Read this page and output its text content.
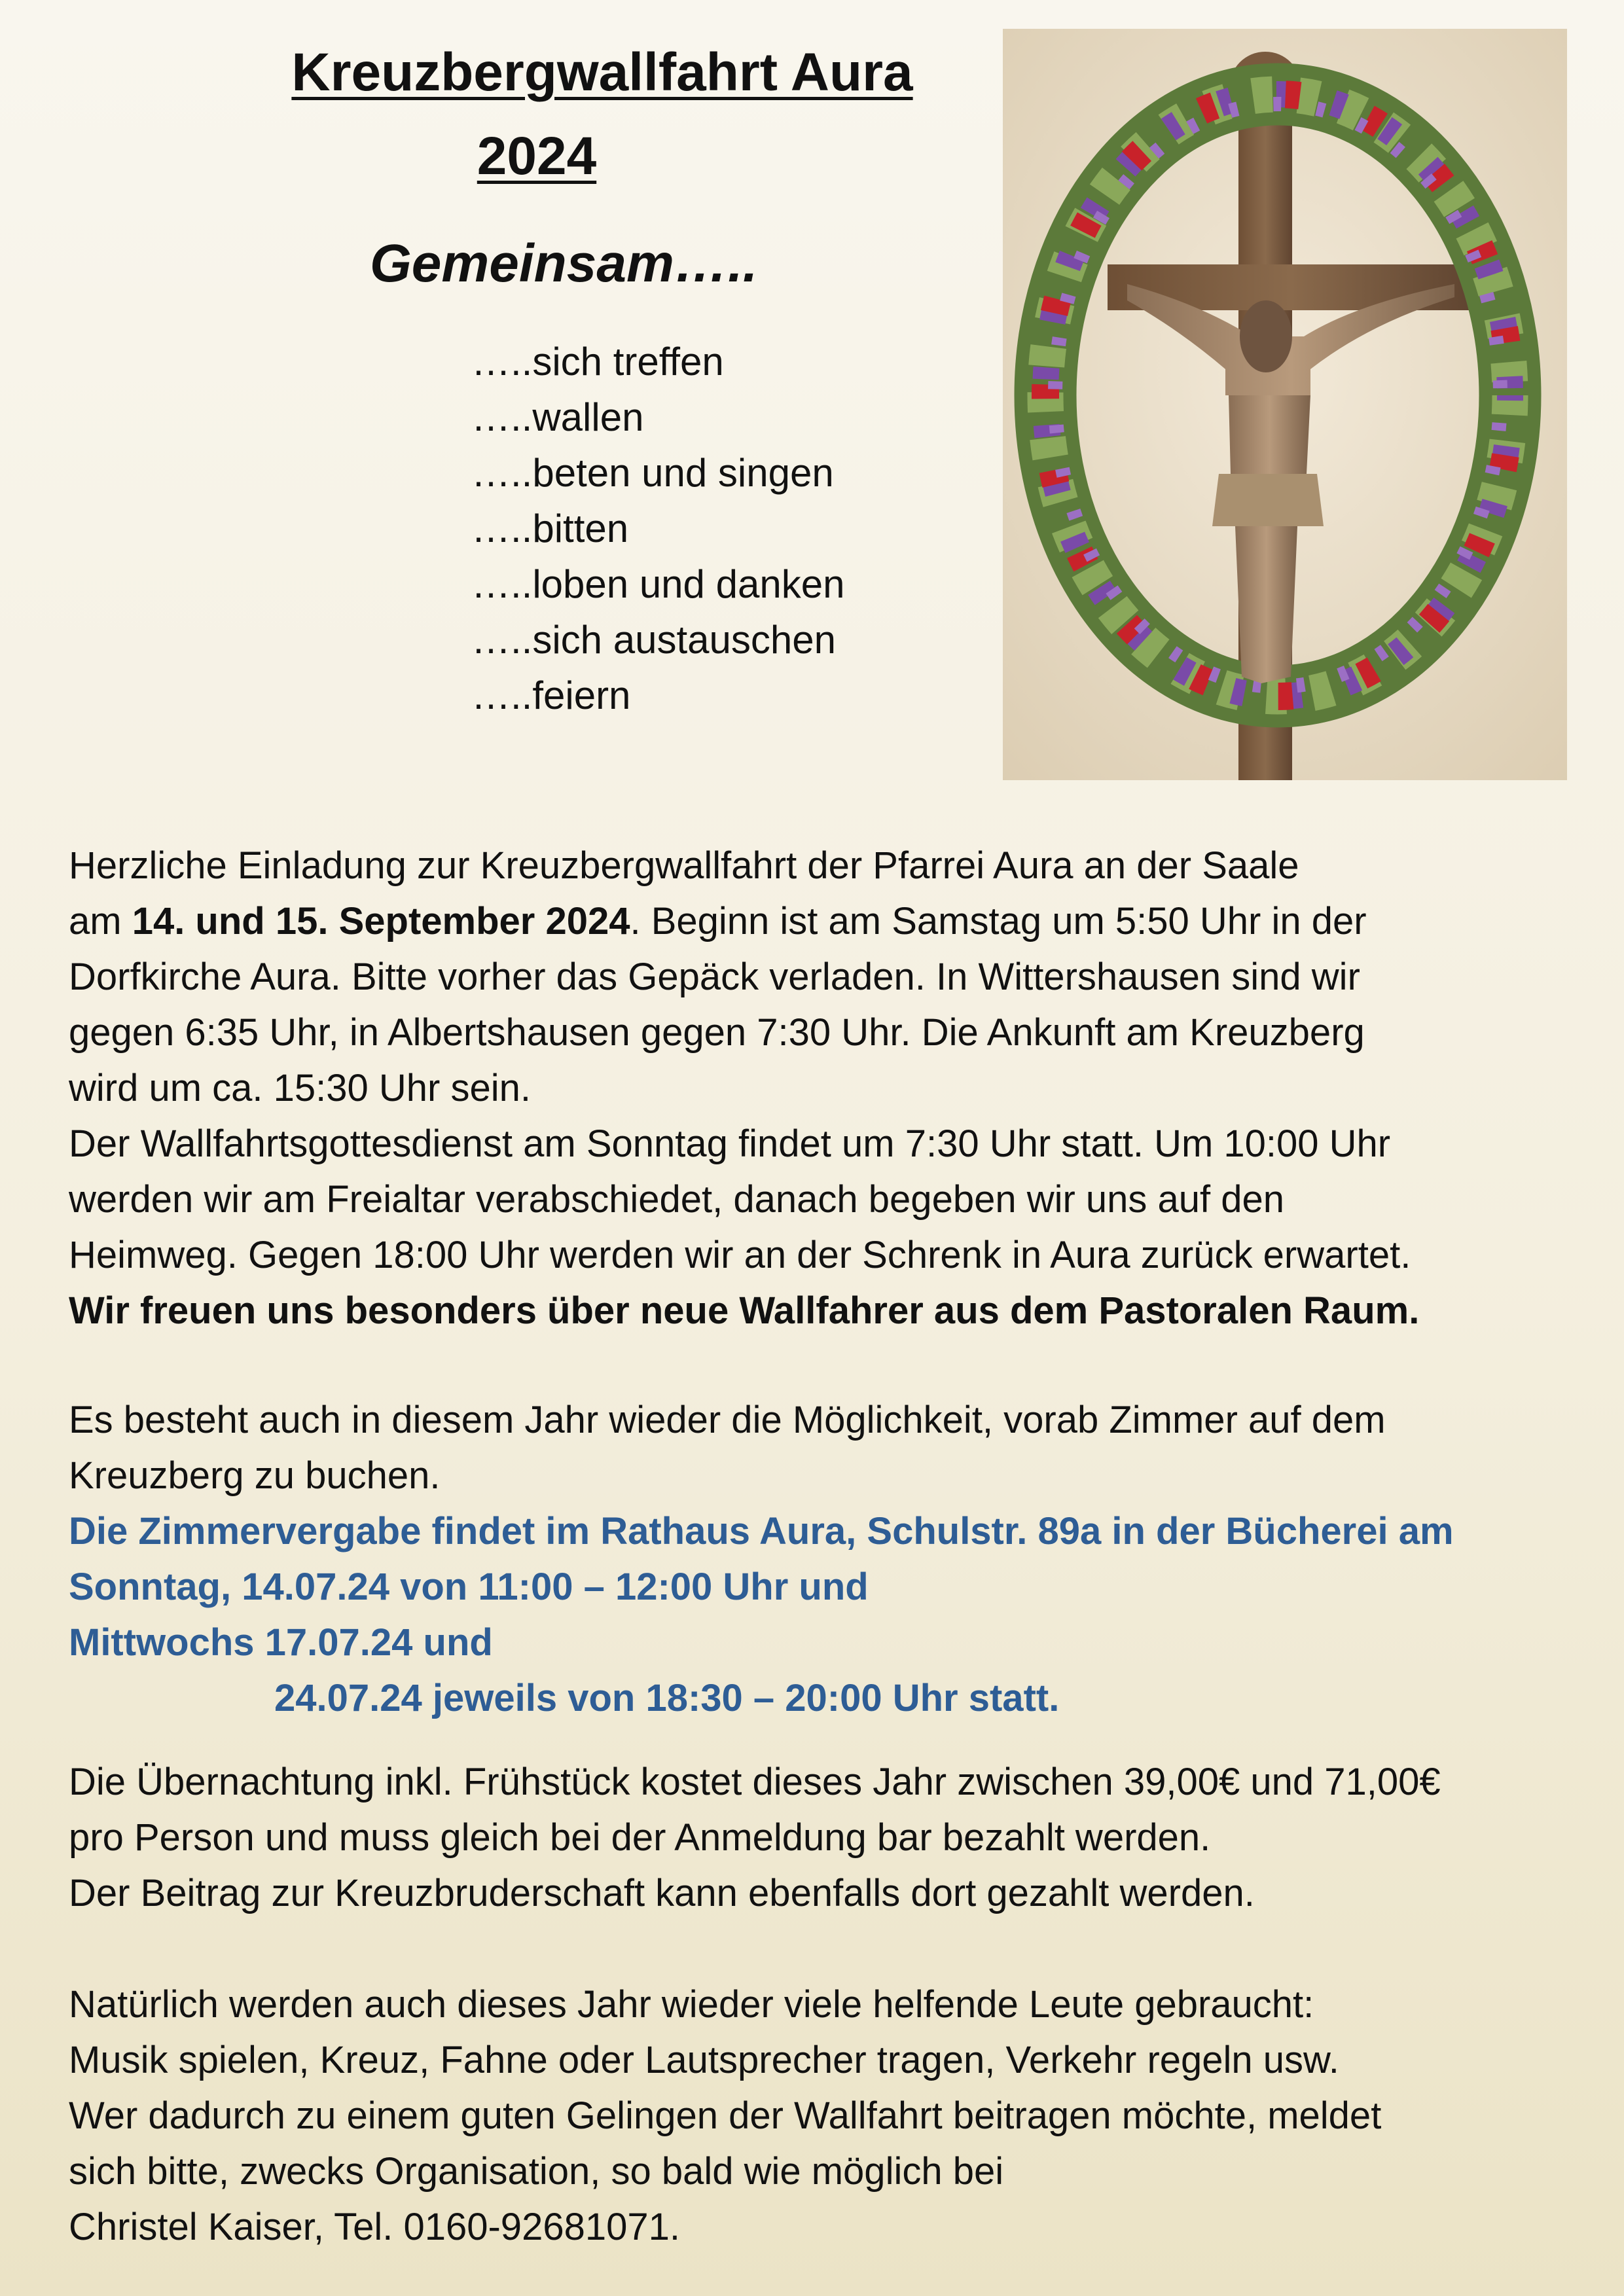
Kreuzbergwallfahrt Aura
2024
Gemeinsam…..
…..sich treffen
…..wallen
…..beten und singen
…..bitten
…..loben und danken
…..sich austauschen
…..feiern
Herzliche Einladung zur Kreuzbergwallfahrt der Pfarrei Aura an der Saale
am 14. und 15. September 2024. Beginn ist am Samstag um 5:50 Uhr in der
Dorfkirche Aura. Bitte vorher das Gepäck verladen. In Wittershausen sind wir
gegen 6:35 Uhr, in Albertshausen gegen 7:30 Uhr. Die Ankunft am Kreuzberg
wird um ca. 15:30 Uhr sein.
Der Wallfahrtsgottesdienst am Sonntag findet um 7:30 Uhr statt. Um 10:00 Uhr
werden wir am Freialtar verabschiedet, danach begeben wir uns auf den
Heimweg. Gegen 18:00 Uhr werden wir an der Schrenk in Aura zurück erwartet.
Wir freuen uns besonders über neue Wallfahrer aus dem Pastoralen Raum.
Es besteht auch in diesem Jahr wieder die Möglichkeit, vorab Zimmer auf dem
Kreuzberg zu buchen.
Die Zimmervergabe findet im Rathaus Aura, Schulstr. 89a in der Bücherei am
Sonntag, 14.07.24 von 11:00 – 12:00 Uhr und
Mittwochs 17.07.24 und
24.07.24 jeweils von 18:30 – 20:00 Uhr statt.
Die Übernachtung inkl. Frühstück kostet dieses Jahr zwischen 39,00€ und 71,00€
pro Person und muss gleich bei der Anmeldung bar bezahlt werden.
Der Beitrag zur Kreuzbruderschaft kann ebenfalls dort gezahlt werden.
Natürlich werden auch dieses Jahr wieder viele helfende Leute gebraucht:
Musik spielen, Kreuz, Fahne oder Lautsprecher tragen, Verkehr regeln usw.
Wer dadurch zu einem guten Gelingen der Wallfahrt beitragen möchte, meldet
sich bitte, zwecks Organisation, so bald wie möglich bei
Christel Kaiser, Tel. 0160-92681071.
